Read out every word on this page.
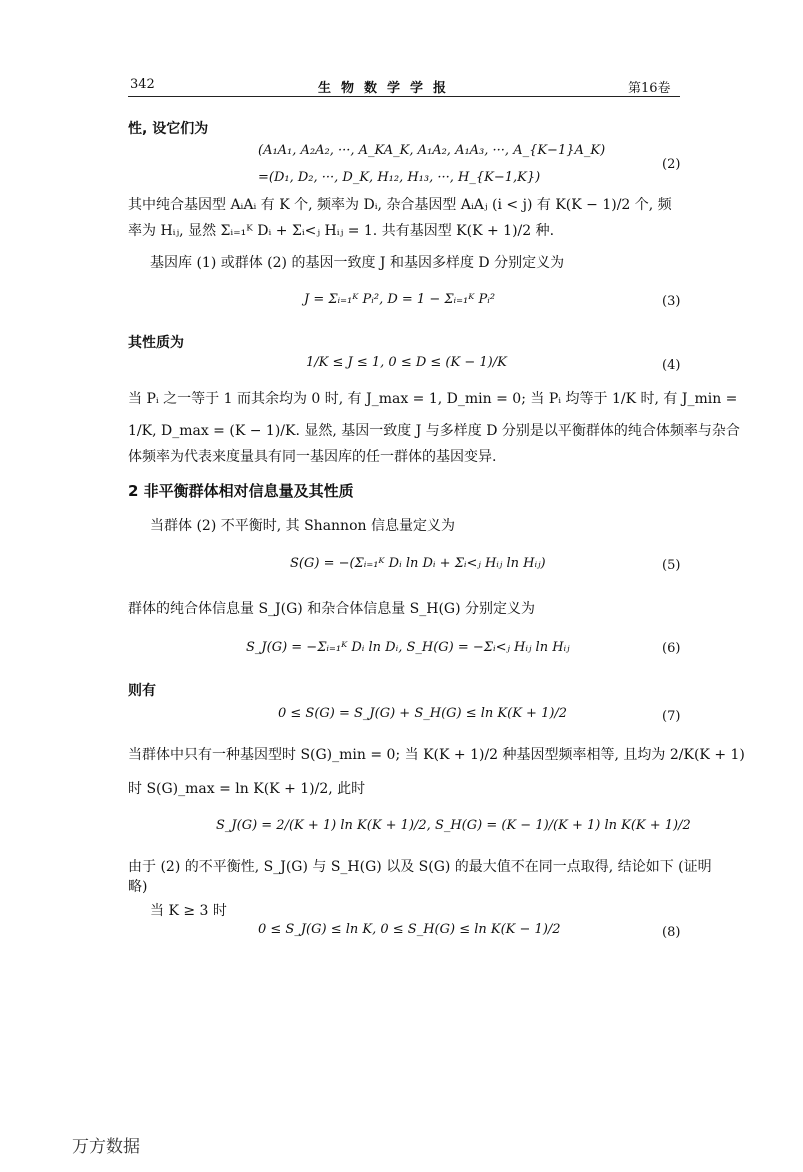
342	生物数学学报	第16卷
性, 设它们为
(A₁A₁, A₂A₂, ···, A_KA_K, A₁A₂, A₁A₃, ···, A_{K−1}A_K)
=(D₁, D₂, ···, D_K, H₁₂, H₁₃, ···, H_{K−1,K})
(2)
其中纯合基因型 AᵢAᵢ 有 K 个, 频率为 Dᵢ, 杂合基因型 AᵢAⱼ (i < j) 有 K(K − 1)/2 个, 频
率为 Hᵢⱼ, 显然 Σᵢ₌₁ᴷ Dᵢ + Σᵢ<ⱼ Hᵢⱼ = 1. 共有基因型 K(K + 1)/2 种.
基因库 (1) 或群体 (2) 的基因一致度 J 和基因多样度 D 分别定义为
J = Σᵢ₌₁ᴷ Pᵢ², D = 1 − Σᵢ₌₁ᴷ Pᵢ²	(3)
其性质为
1/K ≤ J ≤ 1, 0 ≤ D ≤ (K − 1)/K	(4)
当 Pᵢ 之一等于 1 而其余均为 0 时, 有 J_max = 1, D_min = 0; 当 Pᵢ 均等于 1/K 时, 有 J_min =
1/K, D_max = (K − 1)/K. 显然, 基因一致度 J 与多样度 D 分别是以平衡群体的纯合体频率与杂合
体频率为代表来度量具有同一基因库的任一群体的基因变异.
2 非平衡群体相对信息量及其性质
当群体 (2) 不平衡时, 其 Shannon 信息量定义为
S(G) = −(Σᵢ₌₁ᴷ Dᵢ ln Dᵢ + Σᵢ<ⱼ Hᵢⱼ ln Hᵢⱼ)	(5)
群体的纯合体信息量 S_J(G) 和杂合体信息量 S_H(G) 分别定义为
S_J(G) = −Σᵢ₌₁ᴷ Dᵢ ln Dᵢ, S_H(G) = −Σᵢ<ⱼ Hᵢⱼ ln Hᵢⱼ	(6)
则有
0 ≤ S(G) = S_J(G) + S_H(G) ≤ ln K(K + 1)/2	(7)
当群体中只有一种基因型时 S(G)_min = 0; 当 K(K + 1)/2 种基因型频率相等, 且均为 2/K(K + 1)
时 S(G)_max = ln K(K + 1)/2, 此时
S_J(G) = 2/(K + 1) ln K(K + 1)/2, S_H(G) = (K − 1)/(K + 1) ln K(K + 1)/2
由于 (2) 的不平衡性, S_J(G) 与 S_H(G) 以及 S(G) 的最大值不在同一点取得, 结论如下 (证明
略)
当 K ≥ 3 时
0 ≤ S_J(G) ≤ ln K, 0 ≤ S_H(G) ≤ ln K(K − 1)/2	(8)
万方数据
